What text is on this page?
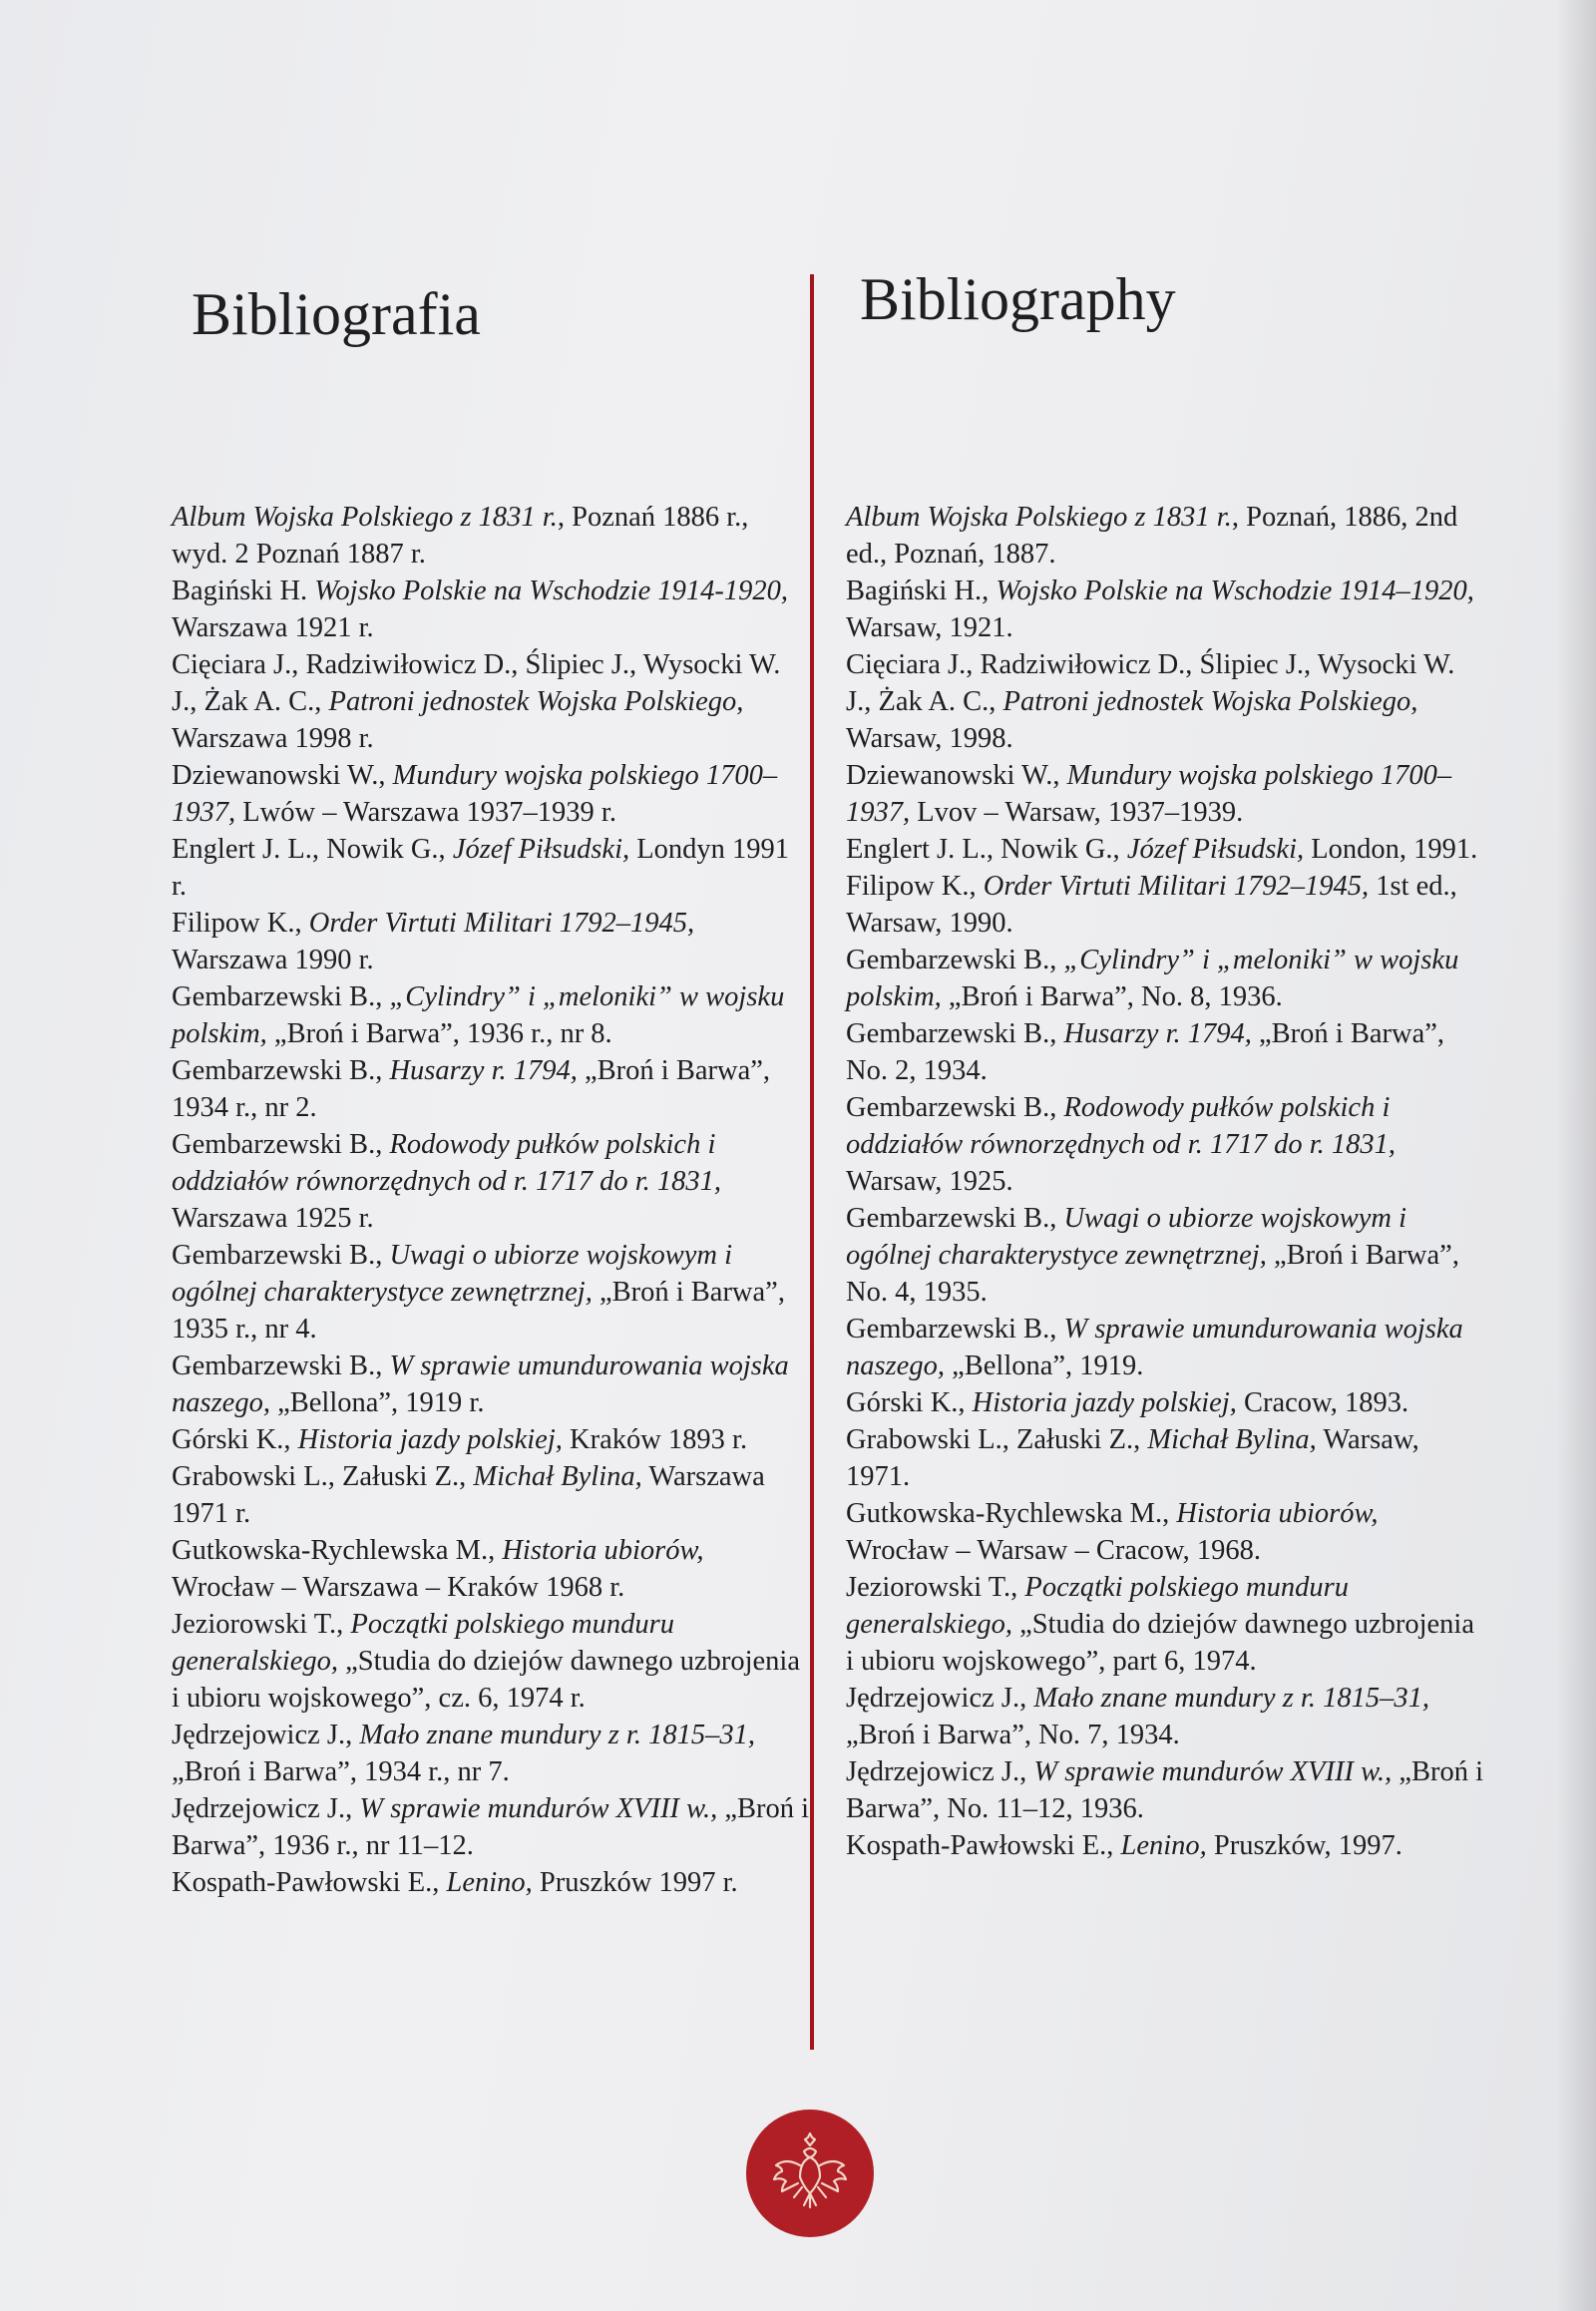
Bibliografia	Bibliography

Album Wojska Polskiego z 1831 r., Poznań 1886 r., wyd. 2 Poznań 1887 r.

Bagiński H. Wojsko Polskie na Wschodzie 1914-1920, Warszawa 1921 r.

Cięciara J., Radziwiłowicz D., Ślipiec J., Wysocki W. J., Żak A. C., Patroni jednostek Wojska Polskiego, Warszawa 1998 r.

Dziewanowski W., Mundury wojska polskiego 1700–1937, Lwów – Warszawa 1937–1939 r.

Englert J. L., Nowik G., Józef Piłsudski, Londyn 1991 r.

Filipow K., Order Virtuti Militari 1792–1945, Warszawa 1990 r.

Gembarzewski B., „Cylindry” i „meloniki” w wojsku polskim, „Broń i Barwa”, 1936 r., nr 8.

Gembarzewski B., Husarzy r. 1794, „Broń i Barwa”, 1934 r., nr 2.

Gembarzewski B., Rodowody pułków polskich i oddziałów równorzędnych od r. 1717 do r. 1831, Warszawa 1925 r.

Gembarzewski B., Uwagi o ubiorze wojskowym i ogólnej charakterystyce zewnętrznej, „Broń i Barwa”, 1935 r., nr 4.

Gembarzewski B., W sprawie umundurowania wojska naszego, „Bellona”, 1919 r.

Górski K., Historia jazdy polskiej, Kraków 1893 r.

Grabowski L., Załuski Z., Michał Bylina, Warszawa 1971 r.

Gutkowska-Rychlewska M., Historia ubiorów, Wrocław – Warszawa – Kraków 1968 r.

Jeziorowski T., Początki polskiego munduru generalskiego, „Studia do dziejów dawnego uzbrojenia i ubioru wojskowego”, cz. 6, 1974 r.

Jędrzejowicz J., Mało znane mundury z r. 1815–31, „Broń i Barwa”, 1934 r., nr 7.

Jędrzejowicz J., W sprawie mundurów XVIII w., „Broń i Barwa”, 1936 r., nr 11–12.

Kospath-Pawłowski E., Lenino, Pruszków 1997 r.

Album Wojska Polskiego z 1831 r., Poznań, 1886, 2nd ed., Poznań, 1887.

Bagiński H., Wojsko Polskie na Wschodzie 1914–1920, Warsaw, 1921.

Cięciara J., Radziwiłowicz D., Ślipiec J., Wysocki W. J., Żak A. C., Patroni jednostek Wojska Polskiego, Warsaw, 1998.

Dziewanowski W., Mundury wojska polskiego 1700–1937, Lvov – Warsaw, 1937–1939.

Englert J. L., Nowik G., Józef Piłsudski, London, 1991.

Filipow K., Order Virtuti Militari 1792–1945, 1st ed., Warsaw, 1990.

Gembarzewski B., „Cylindry” i „meloniki” w wojsku polskim, „Broń i Barwa”, No. 8, 1936.

Gembarzewski B., Husarzy r. 1794, „Broń i Barwa”, No. 2, 1934.

Gembarzewski B., Rodowody pułków polskich i oddziałów równorzędnych od r. 1717 do r. 1831, Warsaw, 1925.

Gembarzewski B., Uwagi o ubiorze wojskowym i ogólnej charakterystyce zewnętrznej, „Broń i Barwa”, No. 4, 1935.

Gembarzewski B., W sprawie umundurowania wojska naszego, „Bellona”, 1919.

Górski K., Historia jazdy polskiej, Cracow, 1893.

Grabowski L., Załuski Z., Michał Bylina, Warsaw, 1971.

Gutkowska-Rychlewska M., Historia ubiorów, Wrocław – Warsaw – Cracow, 1968.

Jeziorowski T., Początki polskiego munduru generalskiego, „Studia do dziejów dawnego uzbrojenia i ubioru wojskowego”, part 6, 1974.

Jędrzejowicz J., Mało znane mundury z r. 1815–31, „Broń i Barwa”, No. 7, 1934.

Jędrzejowicz J., W sprawie mundurów XVIII w., „Broń i Barwa”, No. 11–12, 1936.

Kospath-Pawłowski E., Lenino, Pruszków, 1997.
